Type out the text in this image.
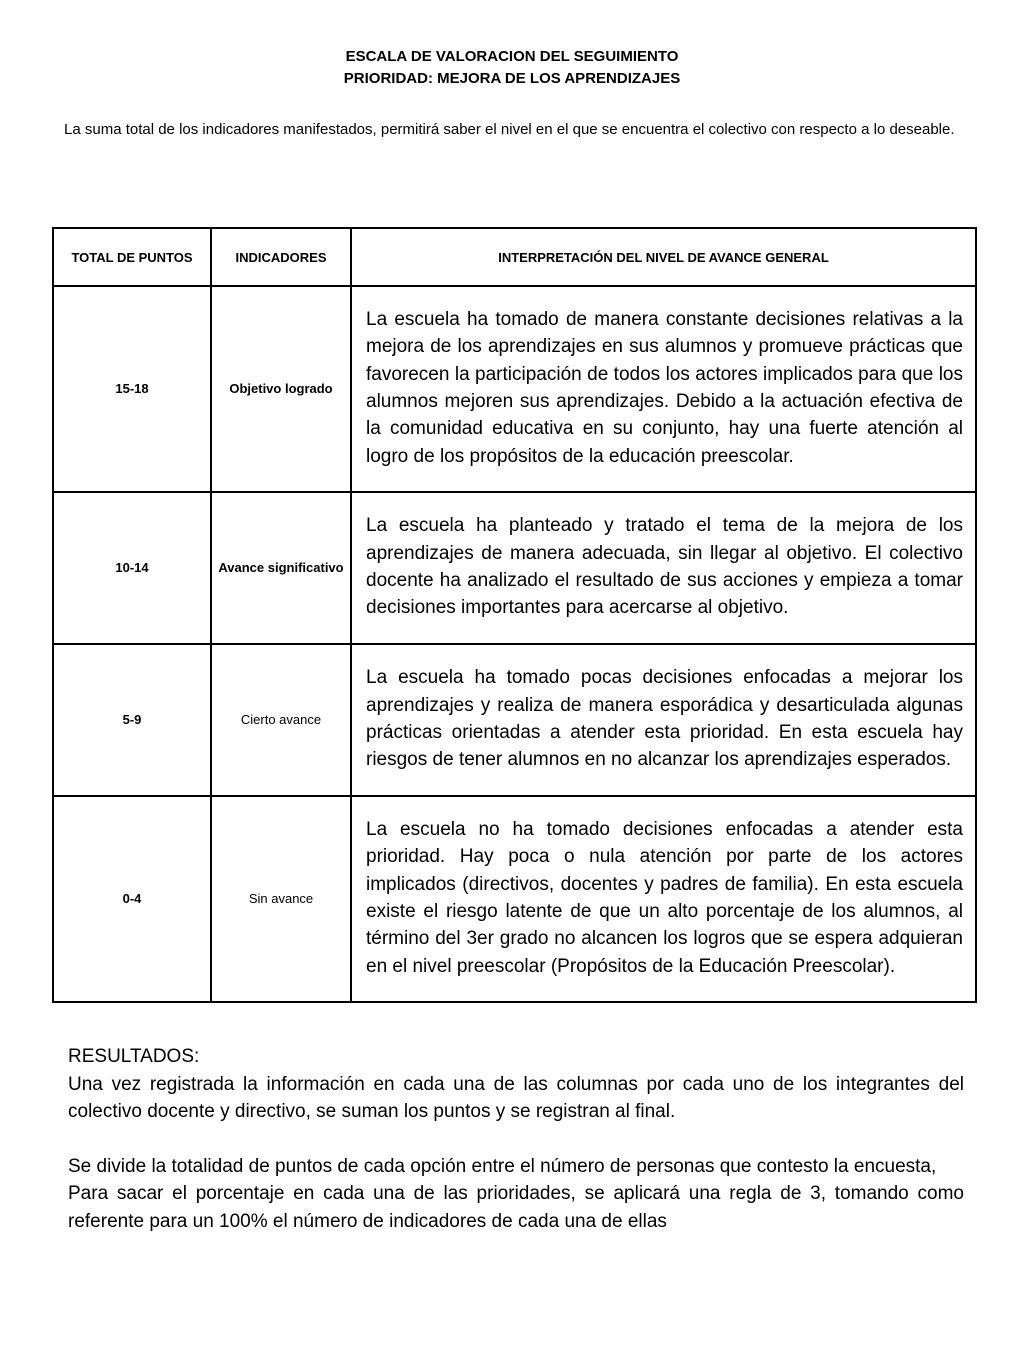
ESCALA DE VALORACION DEL SEGUIMIENTO
PRIORIDAD: MEJORA DE LOS APRENDIZAJES
La suma total de los indicadores manifestados, permitirá saber el nivel en el que se encuentra el colectivo con respecto a lo deseable.
TOTAL DE PUNTOS	INDICADORES	INTERPRETACIÓN DEL NIVEL DE AVANCE GENERAL
15-18	Objetivo logrado	La escuela ha tomado de manera constante decisiones relativas a la mejora de los aprendizajes en sus alumnos y promueve prácticas que favorecen la participación de todos los actores implicados para que los alumnos mejoren sus aprendizajes. Debido a la actuación efectiva de la comunidad educativa en su conjunto, hay una fuerte atención al logro de los propósitos de la educación preescolar.
10-14	Avance significativo	La escuela ha planteado y tratado el tema de la mejora de los aprendizajes de manera adecuada, sin llegar al objetivo. El colectivo docente ha analizado el resultado de sus acciones y empieza a tomar decisiones importantes para acercarse al objetivo.
5-9	Cierto avance	La escuela ha tomado pocas decisiones enfocadas a mejorar los aprendizajes y realiza de manera esporádica y desarticulada algunas prácticas orientadas a atender esta prioridad. En esta escuela hay riesgos de tener alumnos en no alcanzar los aprendizajes esperados.
0-4	Sin avance	La escuela no ha tomado decisiones enfocadas a atender esta prioridad. Hay poca o nula atención por parte de los actores implicados (directivos, docentes y padres de familia). En esta escuela existe el riesgo latente de que un alto porcentaje de los alumnos, al término del 3er grado no alcancen los logros que se espera adquieran en el nivel preescolar (Propósitos de la Educación Preescolar).

RESULTADOS:

Una vez registrada la información en cada una de las columnas por cada uno de los integrantes del colectivo docente y directivo, se suman los puntos y se registran al final.

Se divide la totalidad de puntos de cada opción entre el número de personas que contesto la encuesta,

Para sacar el porcentaje en cada una de las prioridades, se aplicará una regla de 3, tomando como referente para un 100% el número de indicadores de cada una de ellas
